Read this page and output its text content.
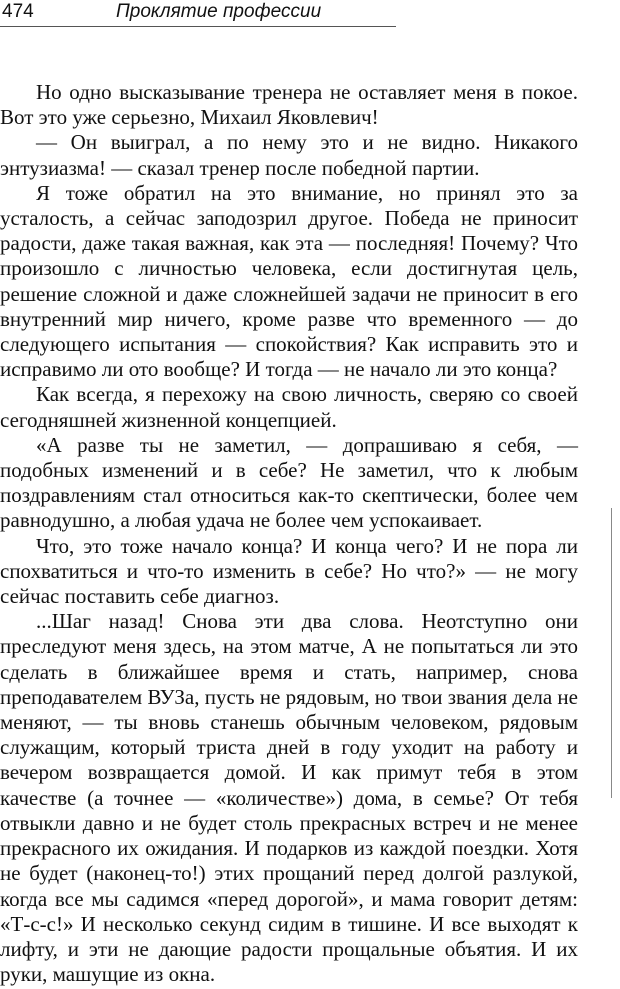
474	Проклятие профессии

Но одно высказывание тренера не оставляет меня в покое. Вот это уже серьезно, Михаил Яковлевич!

— Он выиграл, а по нему это и не видно. Никакого энтузиазма! — сказал тренер после победной партии.

Я тоже обратил на это внимание, но принял это за усталость, а сейчас заподозрил другое. Победа не приносит радости, даже такая важная, как эта — последняя! Почему? Что произошло с личностью человека, если достигнутая цель, решение сложной и даже сложнейшей задачи не приносит в его внутренний мир ничего, кроме разве что временного — до следующего испытания — спокойствия? Как исправить это и исправимо ли ото вообще? И тогда — не начало ли это конца?

Как всегда, я перехожу на свою личность, сверяю со своей сегодняшней жизненной концепцией.

«А разве ты не заметил, — допрашиваю я себя, — подобных изменений и в себе? Не заметил, что к любым поздравлениям стал относиться как-то скептически, более чем равнодушно, а любая удача не более чем успокаивает.

Что, это тоже начало конца? И конца чего? И не пора ли спохватиться и что-то изменить в себе? Но что?» — не могу сейчас поставить себе диагноз.

...Шаг назад! Снова эти два слова. Неотступно они преследуют меня здесь, на этом матче, А не попытаться ли это сделать в ближайшее время и стать, например, снова преподавателем ВУЗа, пусть не рядовым, но твои звания дела не меняют, — ты вновь станешь обычным человеком, рядовым служащим, который триста дней в году уходит на работу и вечером возвращается домой. И как примут тебя в этом качестве (а точнее — «количестве») дома, в семье? От тебя отвыкли давно и не будет столь прекрасных встреч и не менее прекрасного их ожидания. И подарков из каждой поездки. Хотя не будет (наконец-то!) этих прощаний перед долгой разлукой, когда все мы садимся «перед дорогой», и мама говорит детям: «Т-с-с!» И несколько секунд сидим в тишине. И все выходят к лифту, и эти не дающие радости прощальные объятия. И их руки, машущие из окна.
